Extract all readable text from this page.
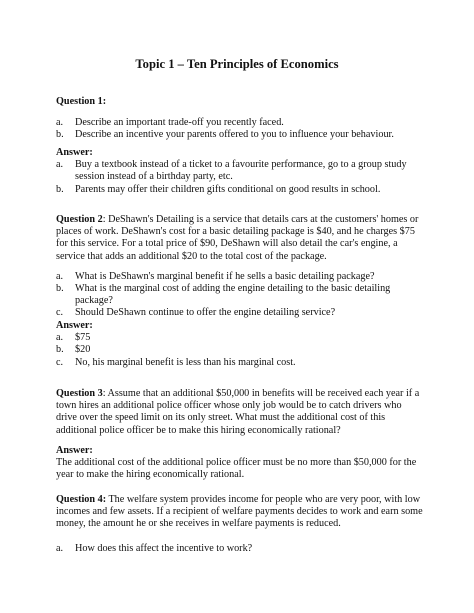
Topic 1 – Ten Principles of Economics
Question 1:
a. Describe an important trade-off you recently faced.
b. Describe an incentive your parents offered to you to influence your behaviour.
Answer:
a. Buy a textbook instead of a ticket to a favourite performance, go to a group study session instead of a birthday party, etc.
b. Parents may offer their children gifts conditional on good results in school.

Question 2: DeShawn's Detailing is a service that details cars at the customers' homes or places of work. DeShawn's cost for a basic detailing package is $40, and he charges $75 for this service. For a total price of $90, DeShawn will also detail the car's engine, a service that adds an additional $20 to the total cost of the package.

a. What is DeShawn's marginal benefit if he sells a basic detailing package?
b. What is the marginal cost of adding the engine detailing to the basic detailing package?
c. Should DeShawn continue to offer the engine detailing service?
Answer:
a. $75
b. $20
c. No, his marginal benefit is less than his marginal cost.

Question 3: Assume that an additional $50,000 in benefits will be received each year if a town hires an additional police officer whose only job would be to catch drivers who drive over the speed limit on its only street. What must the additional cost of this additional police officer be to make this hiring economically rational?

Answer:

The additional cost of the additional police officer must be no more than $50,000 for the year to make the hiring economically rational.

Question 4: The welfare system provides income for people who are very poor, with low incomes and few assets. If a recipient of welfare payments decides to work and earn some money, the amount he or she receives in welfare payments is reduced.

a. How does this affect the incentive to work?
